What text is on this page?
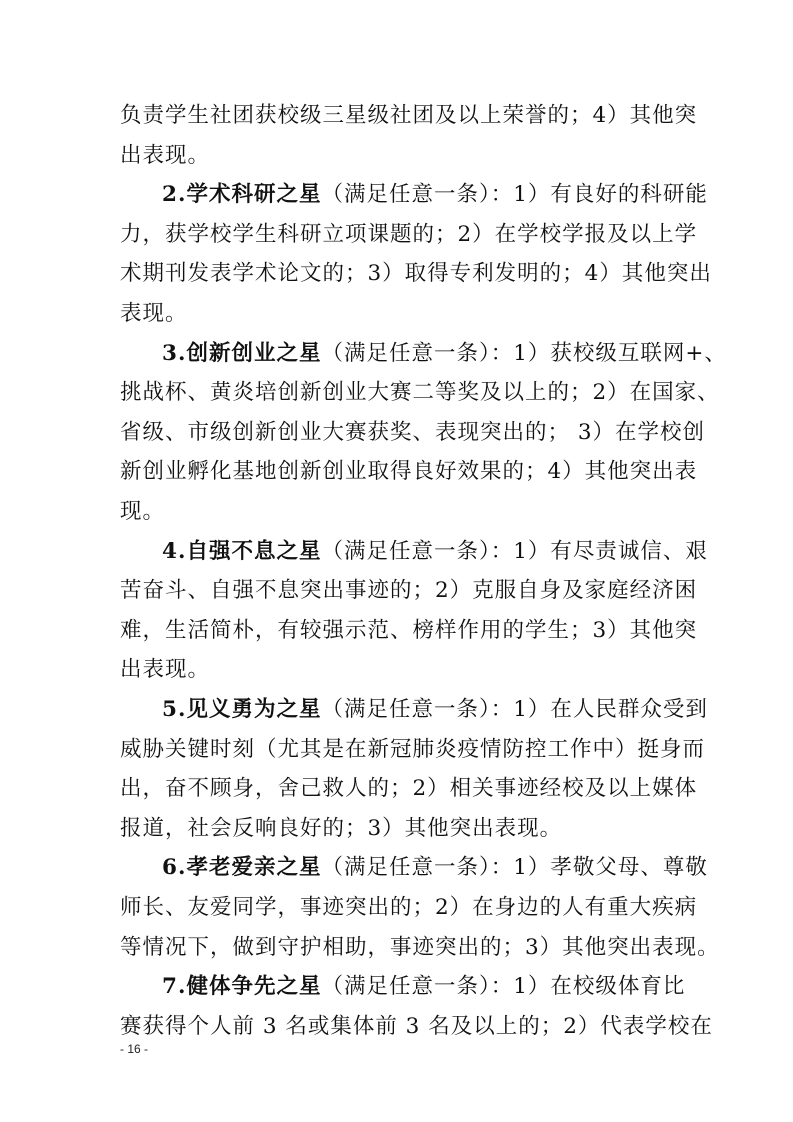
负责学生社团获校级三星级社团及以上荣誉的；4）其他突
出表现。
2.学术科研之星（满足任意一条）：1）有良好的科研能
力，获学校学生科研立项课题的；2）在学校学报及以上学
术期刊发表学术论文的；3）取得专利发明的；4）其他突出
表现。
3.创新创业之星（满足任意一条）：1）获校级互联网+、
挑战杯、黄炎培创新创业大赛二等奖及以上的；2）在国家、
省级、市级创新创业大赛获奖、表现突出的； 3）在学校创
新创业孵化基地创新创业取得良好效果的；4）其他突出表
现。
4.自强不息之星（满足任意一条）：1）有尽责诚信、艰
苦奋斗、自强不息突出事迹的；2）克服自身及家庭经济困
难，生活简朴，有较强示范、榜样作用的学生；3）其他突
出表现。
5.见义勇为之星（满足任意一条）：1）在人民群众受到
威胁关键时刻（尤其是在新冠肺炎疫情防控工作中）挺身而
出，奋不顾身，舍己救人的；2）相关事迹经校及以上媒体
报道，社会反响良好的；3）其他突出表现。
6.孝老爱亲之星（满足任意一条）：1）孝敬父母、尊敬
师长、友爱同学，事迹突出的；2）在身边的人有重大疾病
等情况下，做到守护相助，事迹突出的；3）其他突出表现。
7.健体争先之星（满足任意一条）：1）在校级体育比
赛获得个人前 3 名或集体前 3 名及以上的；2）代表学校在
- 16 -
